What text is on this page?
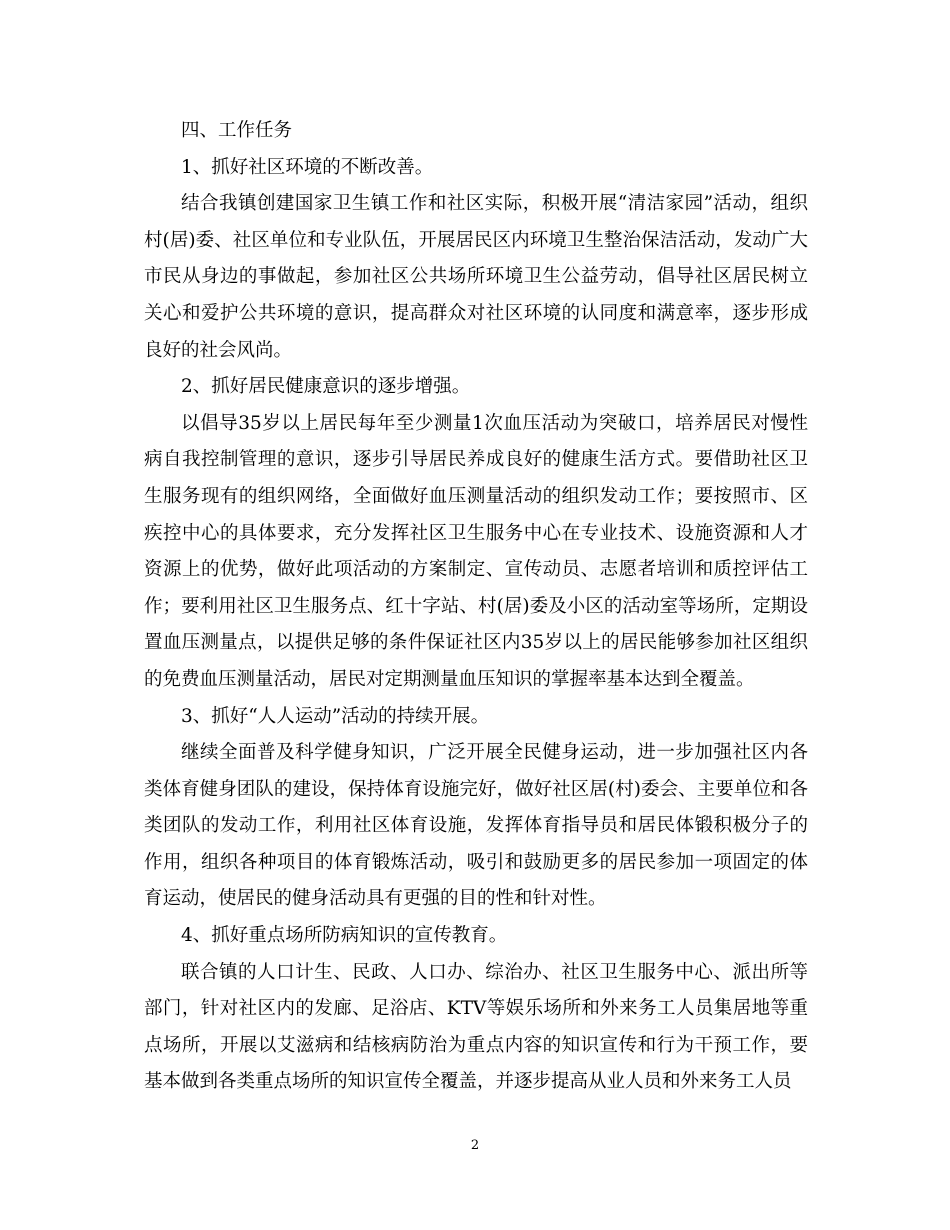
四、工作任务

1、抓好社区环境的不断改善。

结合我镇创建国家卫生镇工作和社区实际，积极开展“清洁家园”活动，组织村(居)委、社区单位和专业队伍，开展居民区内环境卫生整治保洁活动，发动广大市民从身边的事做起，参加社区公共场所环境卫生公益劳动，倡导社区居民树立关心和爱护公共环境的意识，提高群众对社区环境的认同度和满意率，逐步形成良好的社会风尚。

2、抓好居民健康意识的逐步增强。

以倡导35岁以上居民每年至少测量1次血压活动为突破口，培养居民对慢性病自我控制管理的意识，逐步引导居民养成良好的健康生活方式。要借助社区卫生服务现有的组织网络，全面做好血压测量活动的组织发动工作；要按照市、区疾控中心的具体要求，充分发挥社区卫生服务中心在专业技术、设施资源和人才资源上的优势，做好此项活动的方案制定、宣传动员、志愿者培训和质控评估工作；要利用社区卫生服务点、红十字站、村(居)委及小区的活动室等场所，定期设置血压测量点，以提供足够的条件保证社区内35岁以上的居民能够参加社区组织的免费血压测量活动，居民对定期测量血压知识的掌握率基本达到全覆盖。

3、抓好“人人运动”活动的持续开展。

继续全面普及科学健身知识，广泛开展全民健身运动，进一步加强社区内各类体育健身团队的建设，保持体育设施完好，做好社区居(村)委会、主要单位和各类团队的发动工作，利用社区体育设施，发挥体育指导员和居民体锻积极分子的作用，组织各种项目的体育锻炼活动，吸引和鼓励更多的居民参加一项固定的体育运动，使居民的健身活动具有更强的目的性和针对性。

4、抓好重点场所防病知识的宣传教育。

联合镇的人口计生、民政、人口办、综治办、社区卫生服务中心、派出所等部门，针对社区内的发廊、足浴店、KTV等娱乐场所和外来务工人员集居地等重点场所，开展以艾滋病和结核病防治为重点内容的知识宣传和行为干预工作，要基本做到各类重点场所的知识宣传全覆盖，并逐步提高从业人员和外来务工人员

2
